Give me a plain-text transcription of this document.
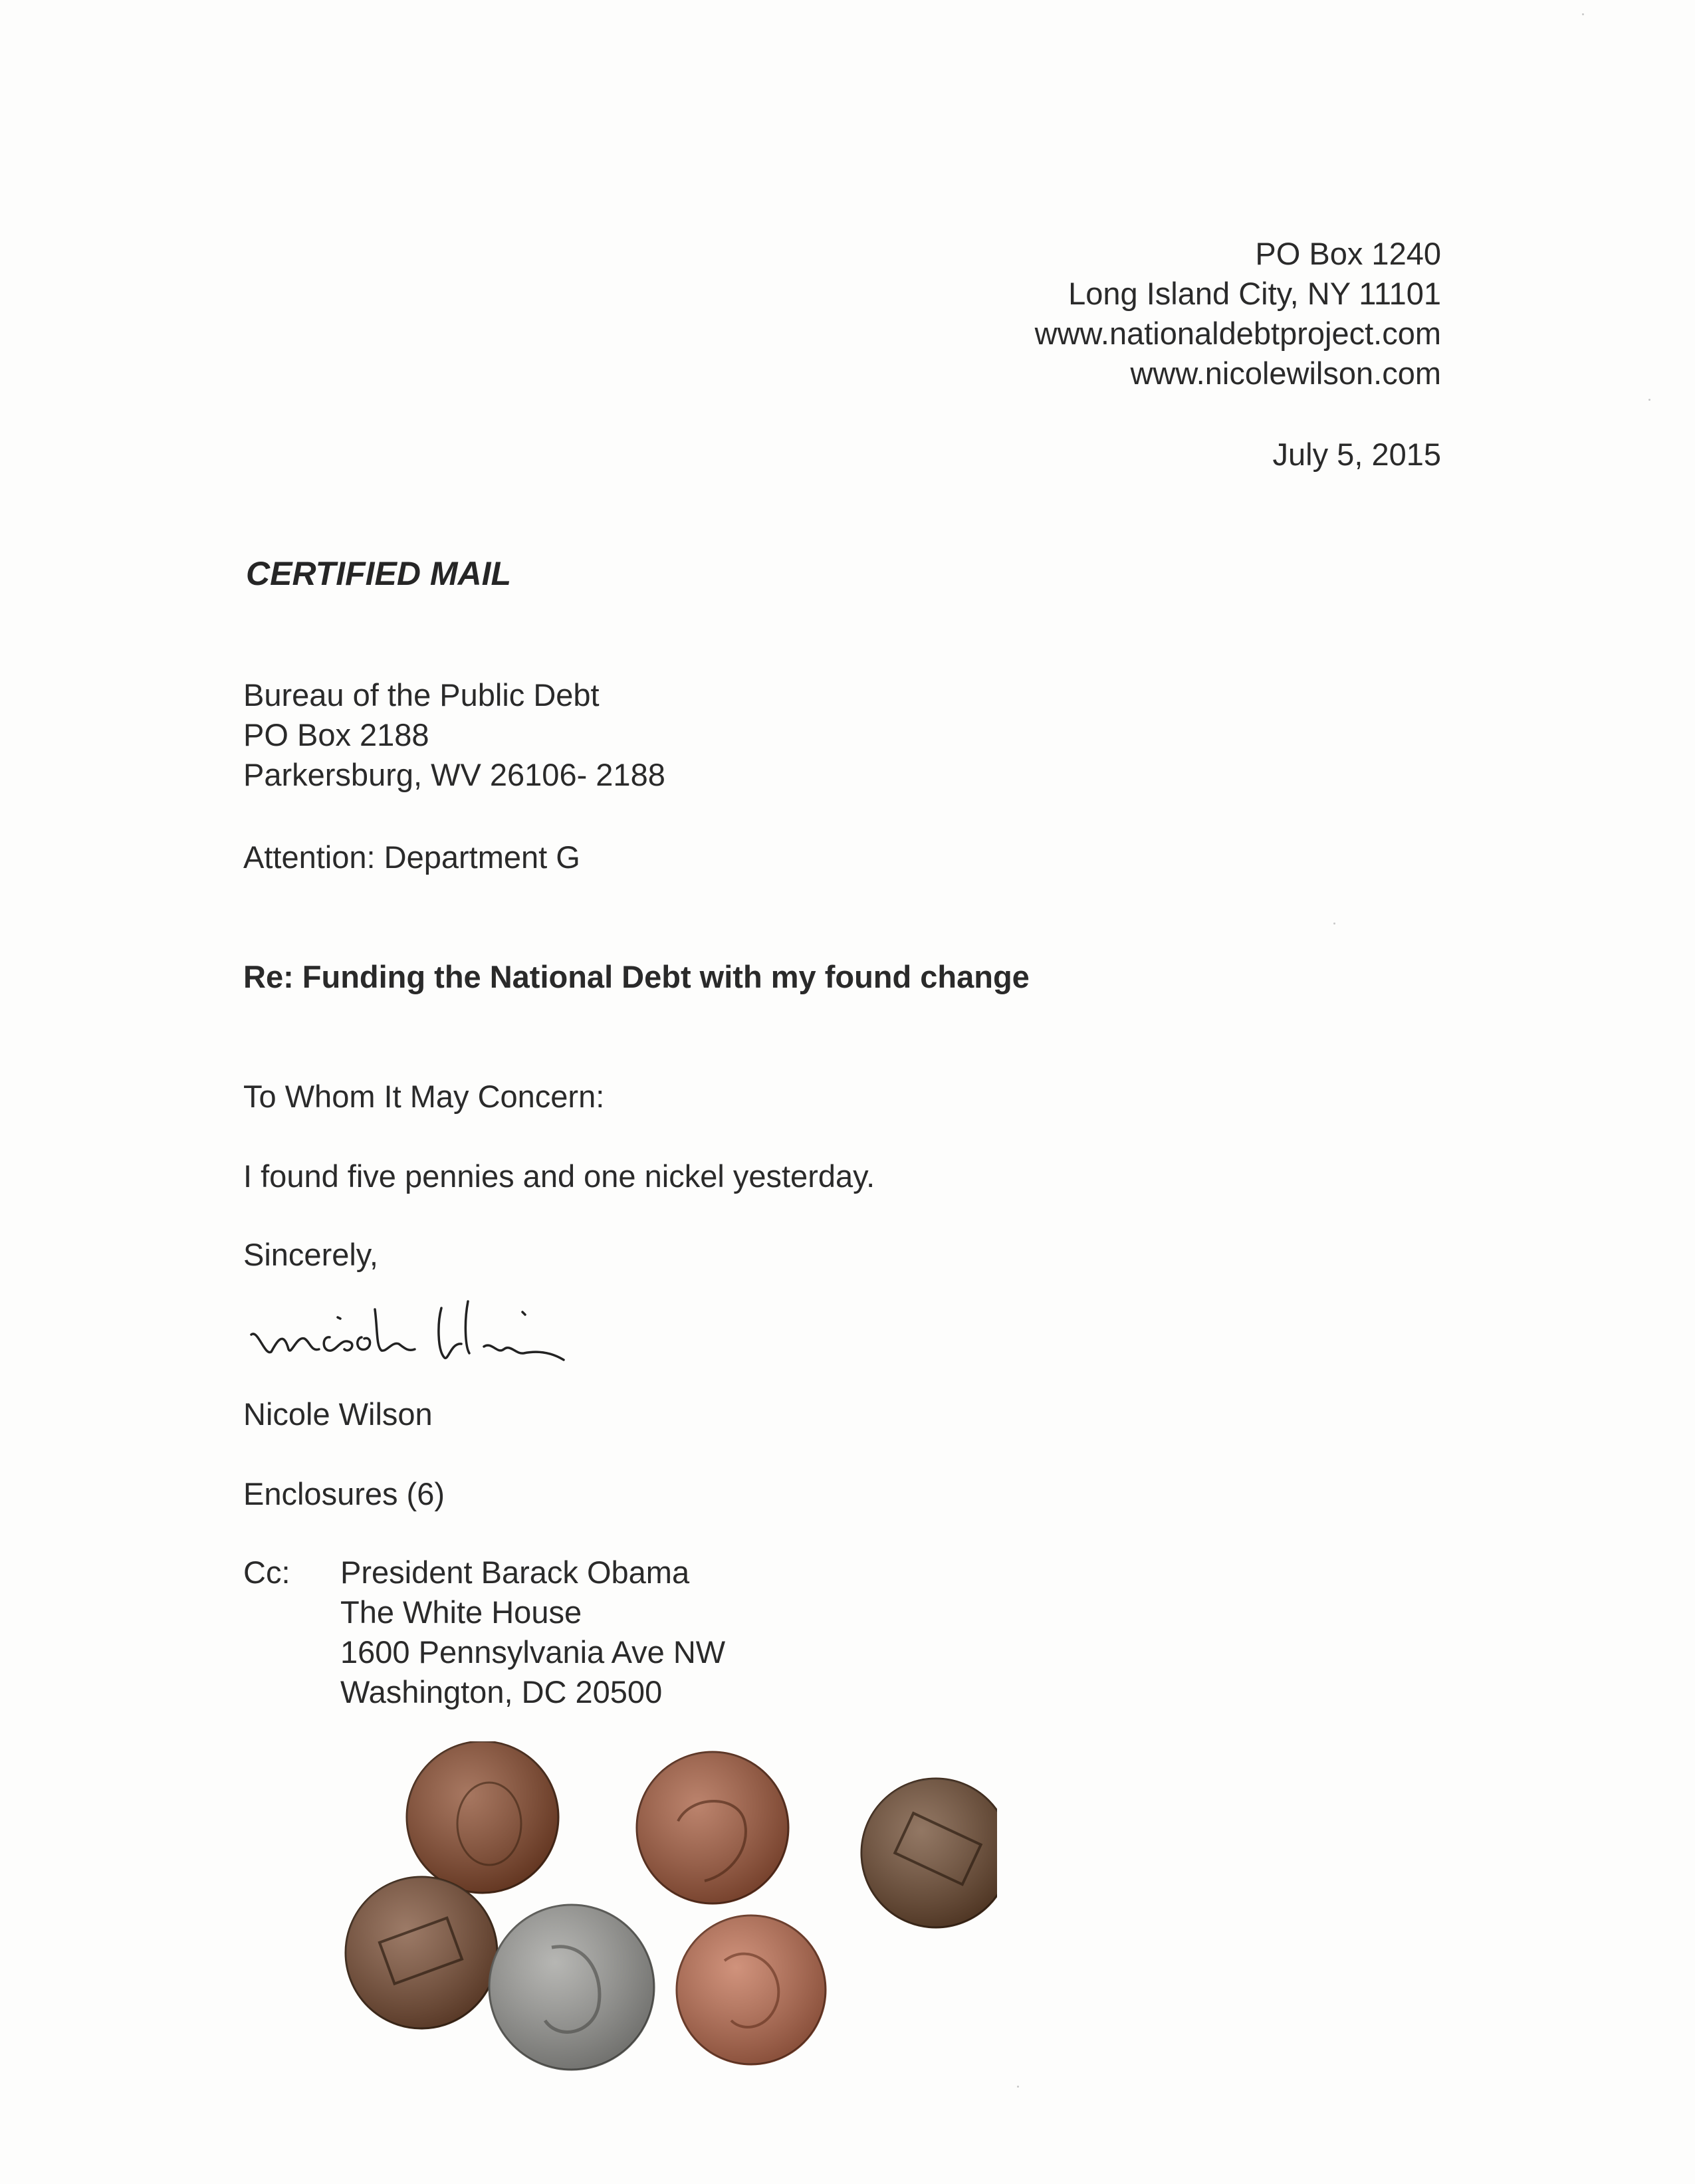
PO Box 1240
Long Island City, NY 11101
www.nationaldebtproject.com
www.nicolewilson.com
July 5, 2015
CERTIFIED MAIL
Bureau of the Public Debt
PO Box 2188
Parkersburg, WV 26106- 2188
Attention: Department G
Re: Funding the National Debt with my found change
To Whom It May Concern:
I found five pennies and one nickel yesterday.
Sincerely,
Nicole Wilson
Enclosures (6)
Cc: President Barack Obama
The White House
1600 Pennsylvania Ave NW
Washington, DC 20500
